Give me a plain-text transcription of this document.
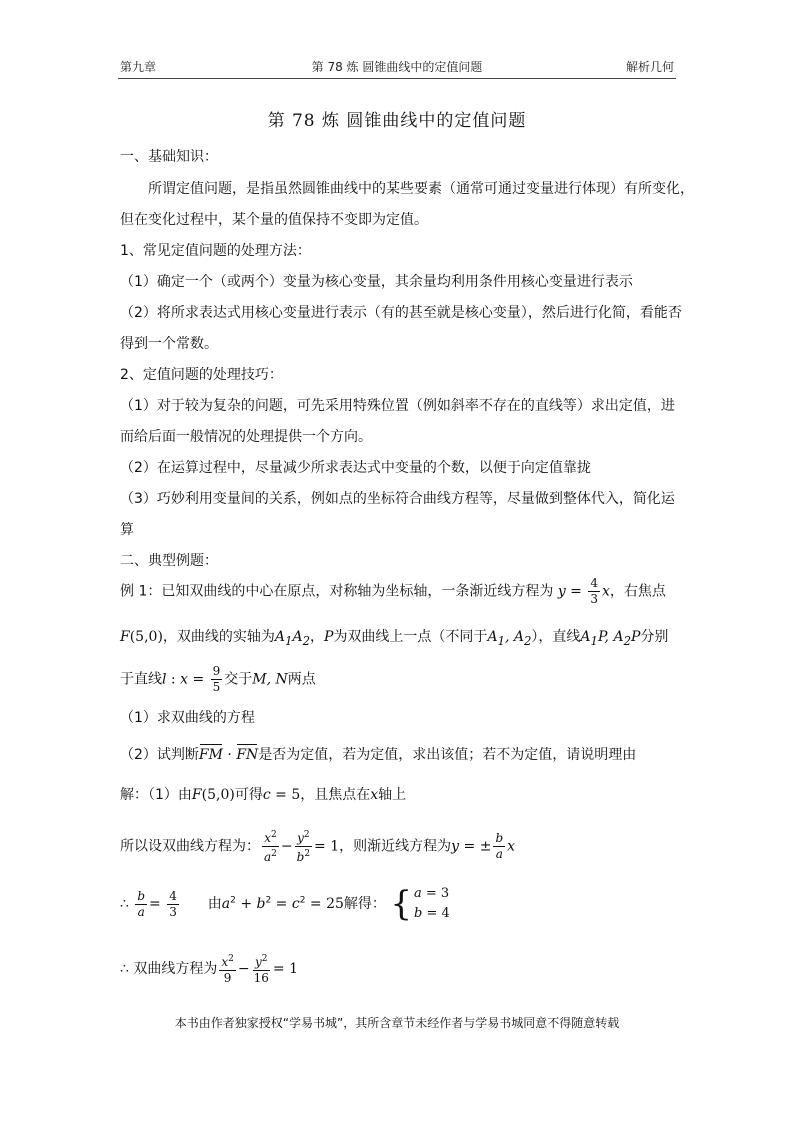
第九章	第 78 炼 圆锥曲线中的定值问题	解析几何
第 78 炼 圆锥曲线中的定值问题
一、基础知识：
所谓定值问题，是指虽然圆锥曲线中的某些要素（通常可通过变量进行体现）有所变化，
但在变化过程中，某个量的值保持不变即为定值。
1、常见定值问题的处理方法：
（1）确定一个（或两个）变量为核心变量，其余量均利用条件用核心变量进行表示
（2）将所求表达式用核心变量进行表示（有的甚至就是核心变量），然后进行化简，看能否
得到一个常数。
2、定值问题的处理技巧：
（1）对于较为复杂的问题，可先采用特殊位置（例如斜率不存在的直线等）求出定值，进
而给后面一般情况的处理提供一个方向。
（2）在运算过程中，尽量减少所求表达式中变量的个数，以便于向定值靠拢
（3）巧妙利用变量间的关系，例如点的坐标符合曲线方程等，尽量做到整体代入，简化运
算
二、典型例题：
例 1：已知双曲线的中心在原点，对称轴为坐标轴，一条渐近线方程为 $y = \frac{4}{3}$ x，右焦点
F(5,0)，双曲线的实轴为$A_1A_2$，P为双曲线上一点（不同于$A_1$, $A_2$），直线$A_1P$, $A_2P$分别
于直线l : $x = \frac{9}{5}$ 交于M, N两点
（1）求双曲线的方程
（2）试判断FM · FN是否为定值，若为定值，求出该值；若不为定值，请说明理由
解：（1）由F(5,0)可得c = 5，且焦点在x轴上
所以设双曲线方程为： $\frac{x^2}{a^2} - \frac{y^2}{b^2} = 1$，则渐近线方程为y = ± $\frac{b}{a}$ x
∴ $\frac{b}{a} = \frac{4}{3}$ 由$a^2 + b^2 = c^2 = 25$解得： { a = 3
b = 4
∴ 双曲线方程为 $\frac{x^2}{9} - \frac{y^2}{16} = 1$
本书由作者独家授权“学易书城”，其所含章节未经作者与学易书城同意不得随意转载
